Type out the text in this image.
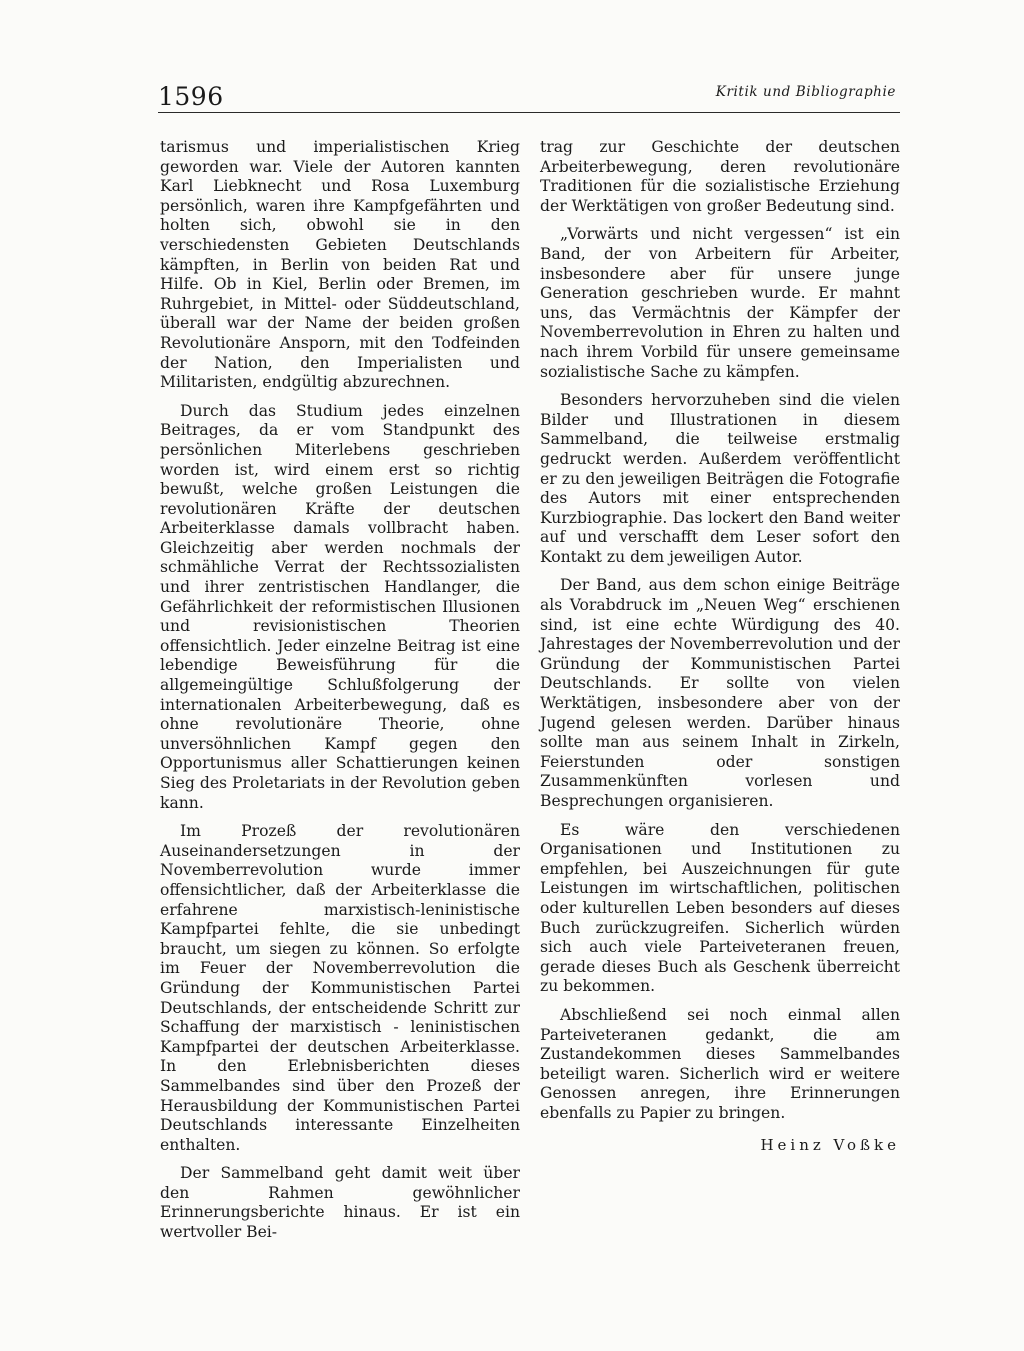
1596	Kritik und Bibliographie

tarismus und imperialistischen Krieg geworden war. Viele der Autoren kannten Karl Liebknecht und Rosa Luxemburg persönlich, waren ihre Kampfgefährten und holten sich, obwohl sie in den verschiedensten Gebieten Deutschlands kämpften, in Berlin von beiden Rat und Hilfe. Ob in Kiel, Berlin oder Bremen, im Ruhrgebiet, in Mittel- oder Süddeutschland, überall war der Name der beiden großen Revolutionäre Ansporn, mit den Todfeinden der Nation, den Imperialisten und Militaristen, endgültig abzurechnen.

Durch das Studium jedes einzelnen Beitrages, da er vom Standpunkt des persönlichen Miterlebens geschrieben worden ist, wird einem erst so richtig bewußt, welche großen Leistungen die revolutionären Kräfte der deutschen Arbeiterklasse damals vollbracht haben. Gleichzeitig aber werden nochmals der schmähliche Verrat der Rechtssozialisten und ihrer zentristischen Handlanger, die Gefährlichkeit der reformistischen Illusionen und revisionistischen Theorien offensichtlich. Jeder einzelne Beitrag ist eine lebendige Beweisführung für die allgemeingültige Schlußfolgerung der internationalen Arbeiterbewegung, daß es ohne revolutionäre Theorie, ohne unversöhnlichen Kampf gegen den Opportunismus aller Schattierungen keinen Sieg des Proletariats in der Revolution geben kann.

Im Prozeß der revolutionären Auseinandersetzungen in der Novemberrevolution wurde immer offensichtlicher, daß der Arbeiterklasse die erfahrene marxistisch-leninistische Kampfpartei fehlte, die sie unbedingt braucht, um siegen zu können. So erfolgte im Feuer der Novemberrevolution die Gründung der Kommunistischen Partei Deutschlands, der entscheidende Schritt zur Schaffung der marxistisch - leninistischen Kampfpartei der deutschen Arbeiterklasse. In den Erlebnisberichten dieses Sammelbandes sind über den Prozeß der Herausbildung der Kommunistischen Partei Deutschlands interessante Einzelheiten enthalten.

Der Sammelband geht damit weit über den Rahmen gewöhnlicher Erinnerungsberichte hinaus. Er ist ein wertvoller Bei-

trag zur Geschichte der deutschen Arbeiterbewegung, deren revolutionäre Traditionen für die sozialistische Erziehung der Werktätigen von großer Bedeutung sind.

„Vorwärts und nicht vergessen“ ist ein Band, der von Arbeitern für Arbeiter, insbesondere aber für unsere junge Generation geschrieben wurde. Er mahnt uns, das Vermächtnis der Kämpfer der Novemberrevolution in Ehren zu halten und nach ihrem Vorbild für unsere gemeinsame sozialistische Sache zu kämpfen.

Besonders hervorzuheben sind die vielen Bilder und Illustrationen in diesem Sammelband, die teilweise erstmalig gedruckt werden. Außerdem veröffentlicht er zu den jeweiligen Beiträgen die Fotografie des Autors mit einer entsprechenden Kurzbiographie. Das lockert den Band weiter auf und verschafft dem Leser sofort den Kontakt zu dem jeweiligen Autor.

Der Band, aus dem schon einige Beiträge als Vorabdruck im „Neuen Weg“ erschienen sind, ist eine echte Würdigung des 40. Jahrestages der Novemberrevolution und der Gründung der Kommunistischen Partei Deutschlands. Er sollte von vielen Werktätigen, insbesondere aber von der Jugend gelesen werden. Darüber hinaus sollte man aus seinem Inhalt in Zirkeln, Feierstunden oder sonstigen Zusammenkünften vorlesen und Besprechungen organisieren.

Es wäre den verschiedenen Organisationen und Institutionen zu empfehlen, bei Auszeichnungen für gute Leistungen im wirtschaftlichen, politischen oder kulturellen Leben besonders auf dieses Buch zurückzugreifen. Sicherlich würden sich auch viele Parteiveteranen freuen, gerade dieses Buch als Geschenk überreicht zu bekommen.

Abschließend sei noch einmal allen Parteiveteranen gedankt, die am Zustandekommen dieses Sammelbandes beteiligt waren. Sicherlich wird er weitere Genossen anregen, ihre Erinnerungen ebenfalls zu Papier zu bringen.

Heinz Voßke
